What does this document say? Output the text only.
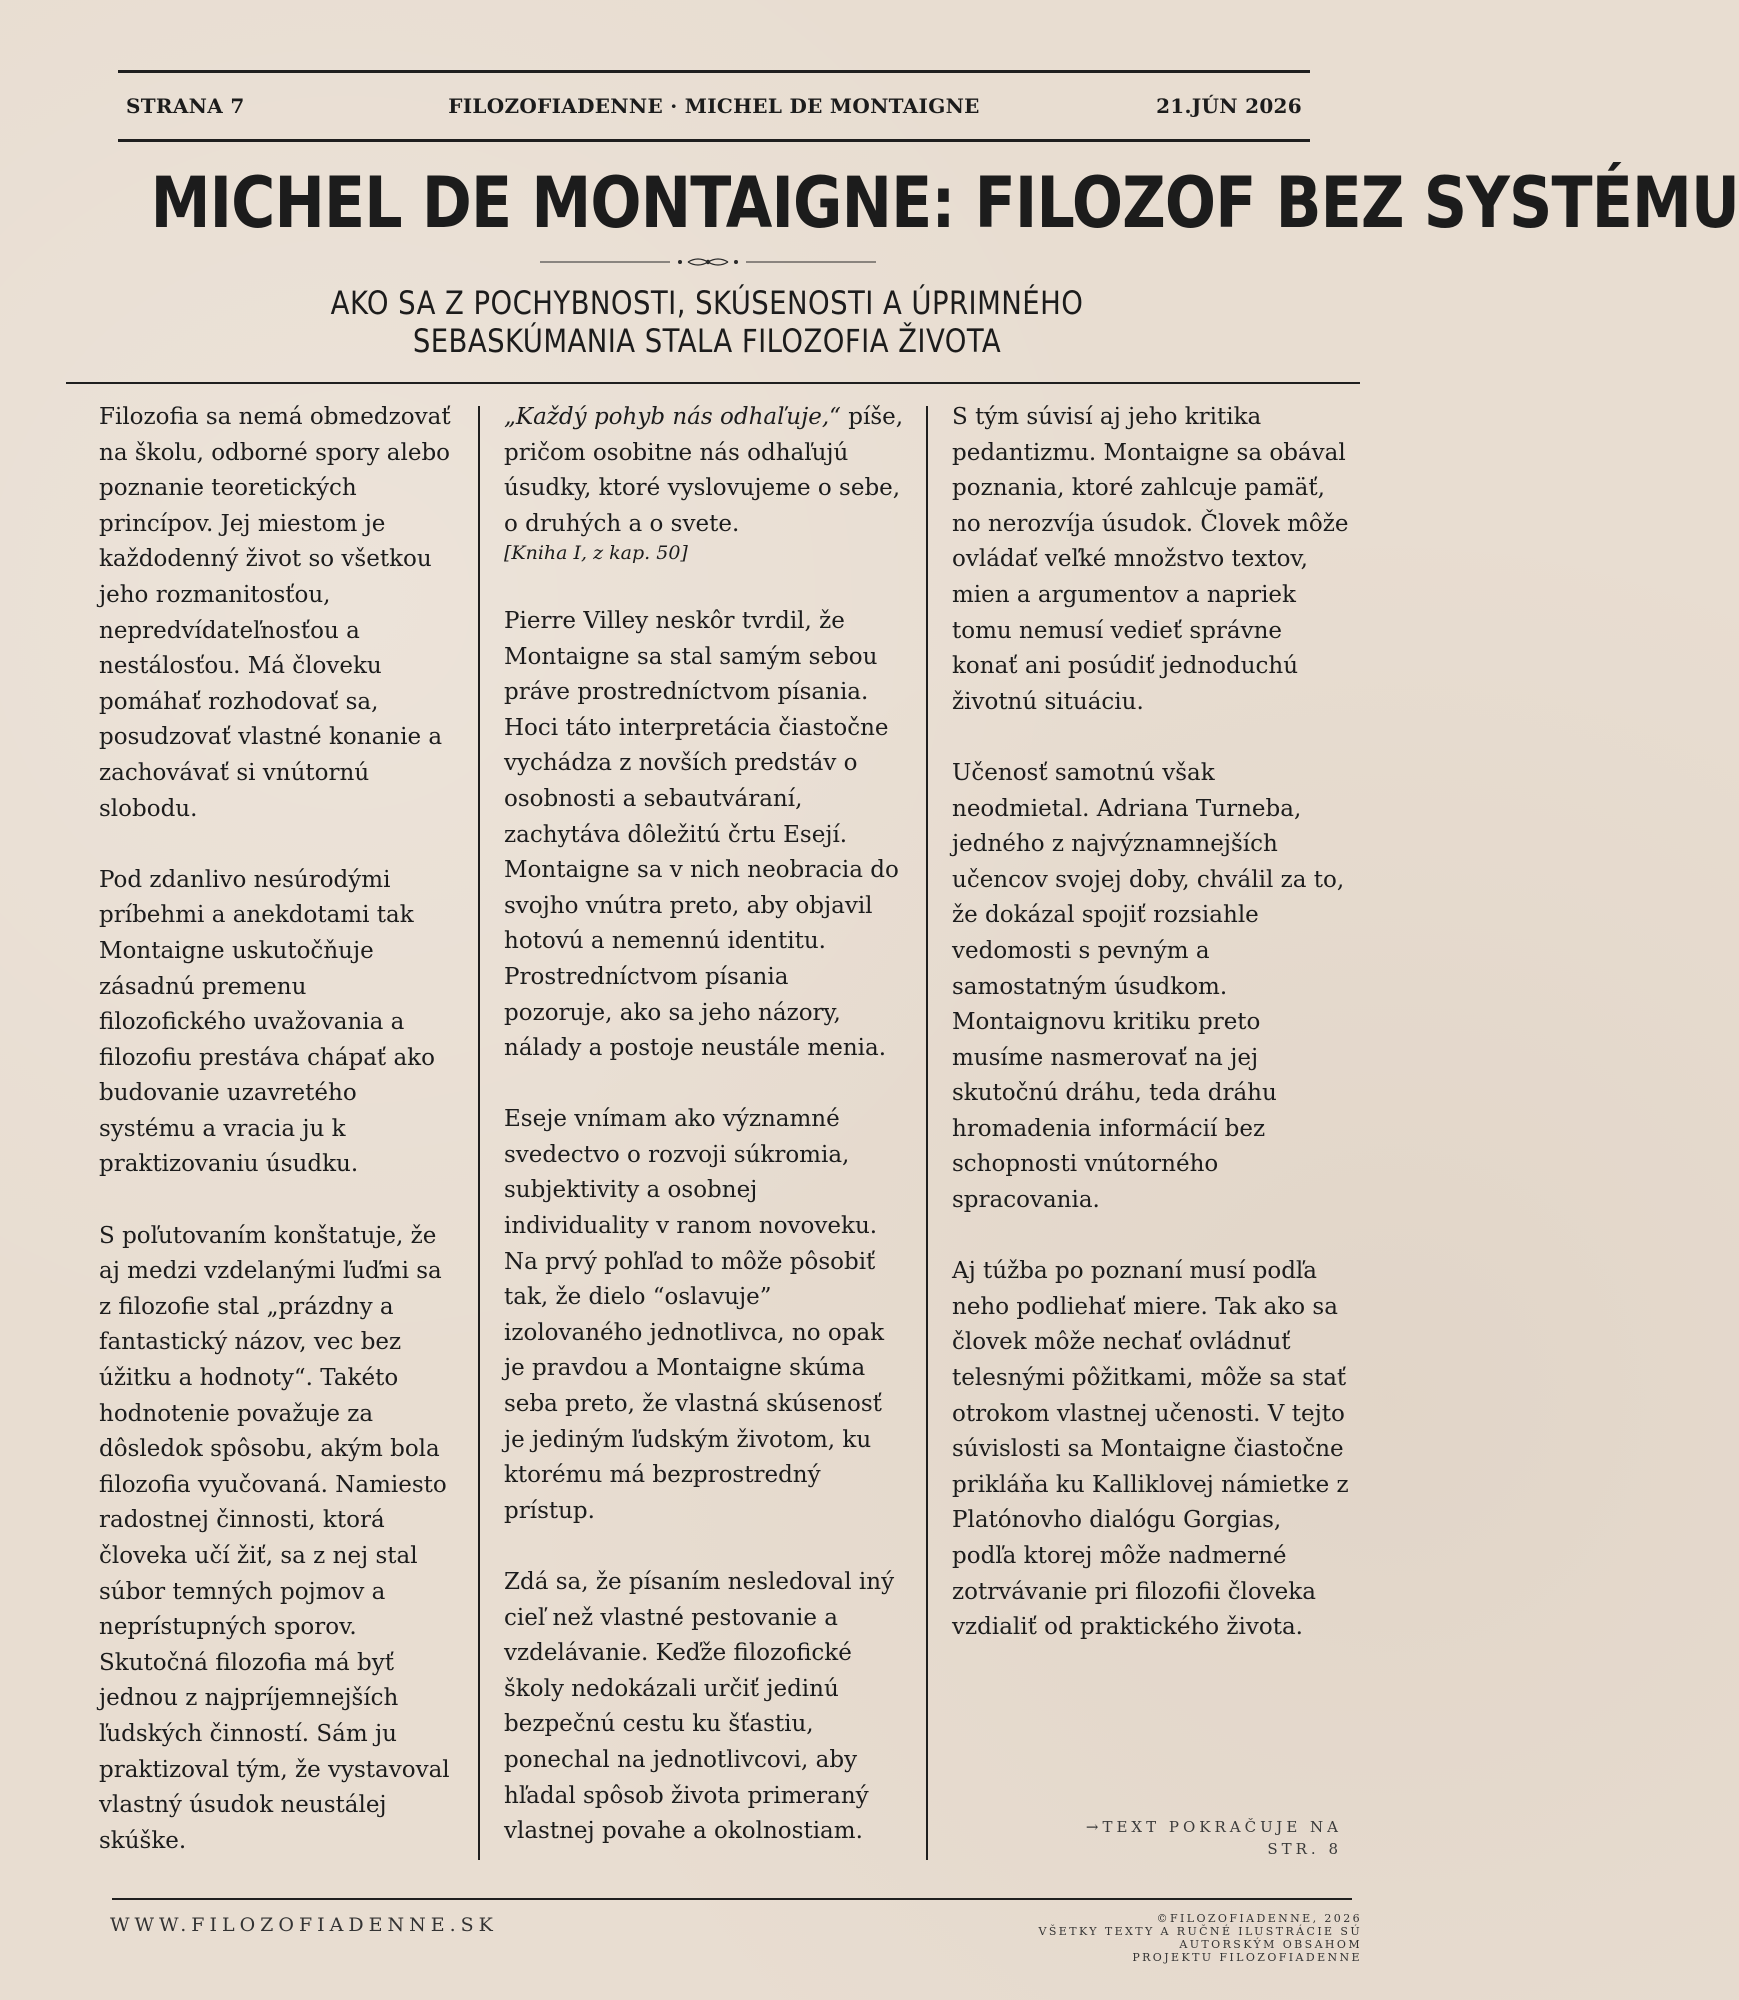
STRANA 7	FILOZOFIADENNE · MICHEL DE MONTAIGNE	21.JÚN 2026
MICHEL DE MONTAIGNE: FILOZOF BEZ SYSTÉMU
AKO SA Z POCHYBNOSTI, SKÚSENOSTI A ÚPRIMNÉHO SEBASKÚMANIA STALA FILOZOFIA ŽIVOTA

Filozofia sa nemá obmedzovať na školu, odborné spory alebo poznanie teoretických princípov. Jej miestom je každodenný život so všetkou jeho rozmanitosťou, nepredvídateľnosťou a nestálosťou. Má človeku pomáhať rozhodovať sa, posudzovať vlastné konanie a zachovávať si vnútornú slobodu.

Pod zdanlivo nesúrodými príbehmi a anekdotami tak Montaigne uskutočňuje zásadnú premenu filozofického uvažovania a filozofiu prestáva chápať ako budovanie uzavretého systému a vracia ju k praktizovaniu úsudku.

S poľutovaním konštatuje, že aj medzi vzdelanými ľuďmi sa z filozofie stal „prázdny a fantastický názov, vec bez úžitku a hodnoty“. Takéto hodnotenie považuje za dôsledok spôsobu, akým bola filozofia vyučovaná. Namiesto radostnej činnosti, ktorá človeka učí žiť, sa z nej stal súbor temných pojmov a neprístupných sporov. Skutočná filozofia má byť jednou z najpríjemnejších ľudských činností. Sám ju praktizoval tým, že vystavoval vlastný úsudok neustálej skúške.

„Každý pohyb nás odhaľuje,“ píše, pričom osobitne nás odhaľujú úsudky, ktoré vyslovujeme o sebe, o druhých a o svete.
[Kniha I, z kap. 50]

Pierre Villey neskôr tvrdil, že Montaigne sa stal samým sebou práve prostredníctvom písania. Hoci táto interpretácia čiastočne vychádza z novších predstáv o osobnosti a sebautváraní, zachytáva dôležitú črtu Esejí. Montaigne sa v nich neobracia do svojho vnútra preto, aby objavil hotovú a nemennú identitu. Prostredníctvom písania pozoruje, ako sa jeho názory, nálady a postoje neustále menia.

Eseje vnímam ako významné svedectvo o rozvoji súkromia, subjektivity a osobnej individuality v ranom novoveku. Na prvý pohľad to môže pôsobiť tak, že dielo “oslavuje” izolovaného jednotlivca, no opak je pravdou a Montaigne skúma seba preto, že vlastná skúsenosť je jediným ľudským životom, ku ktorému má bezprostredný prístup.

Zdá sa, že písaním nesledoval iný cieľ než vlastné pestovanie a vzdelávanie. Keďže filozofické školy nedokázali určiť jedinú bezpečnú cestu ku šťastiu, ponechal na jednotlivcovi, aby hľadal spôsob života primeraný vlastnej povahe a okolnostiam.

S tým súvisí aj jeho kritika pedantizmu. Montaigne sa obával poznania, ktoré zahlcuje pamäť, no nerozvíja úsudok. Človek môže ovládať veľké množstvo textov, mien a argumentov a napriek tomu nemusí vedieť správne konať ani posúdiť jednoduchú životnú situáciu.

Učenosť samotnú však neodmietal. Adriana Turneba, jedného z najvýznamnejších učencov svojej doby, chválil za to, že dokázal spojiť rozsiahle vedomosti s pevným a samostatným úsudkom. Montaignovu kritiku preto musíme nasmerovať na jej skutočnú dráhu, teda dráhu hromadenia informácií bez schopnosti vnútorného spracovania.

Aj túžba po poznaní musí podľa neho podliehať miere. Tak ako sa človek môže nechať ovládnuť telesnými pôžitkami, môže sa stať otrokom vlastnej učenosti. V tejto súvislosti sa Montaigne čiastočne prikláňa ku Kalliklovej námietke z Platónovho dialógu Gorgias, podľa ktorej môže nadmerné zotrvávanie pri filozofii človeka vzdialiť od praktického života.

→TEXT POKRAČUJE NA
STR. 8
WWW.FILOZOFIADENNE.SK	©FILOZOFIADENNE, 2026
VŠETKY TEXTY A RUČNÉ ILUSTRÁCIE SÚ
AUTORSKÝM OBSAHOM
PROJEKTU FILOZOFIADENNE
